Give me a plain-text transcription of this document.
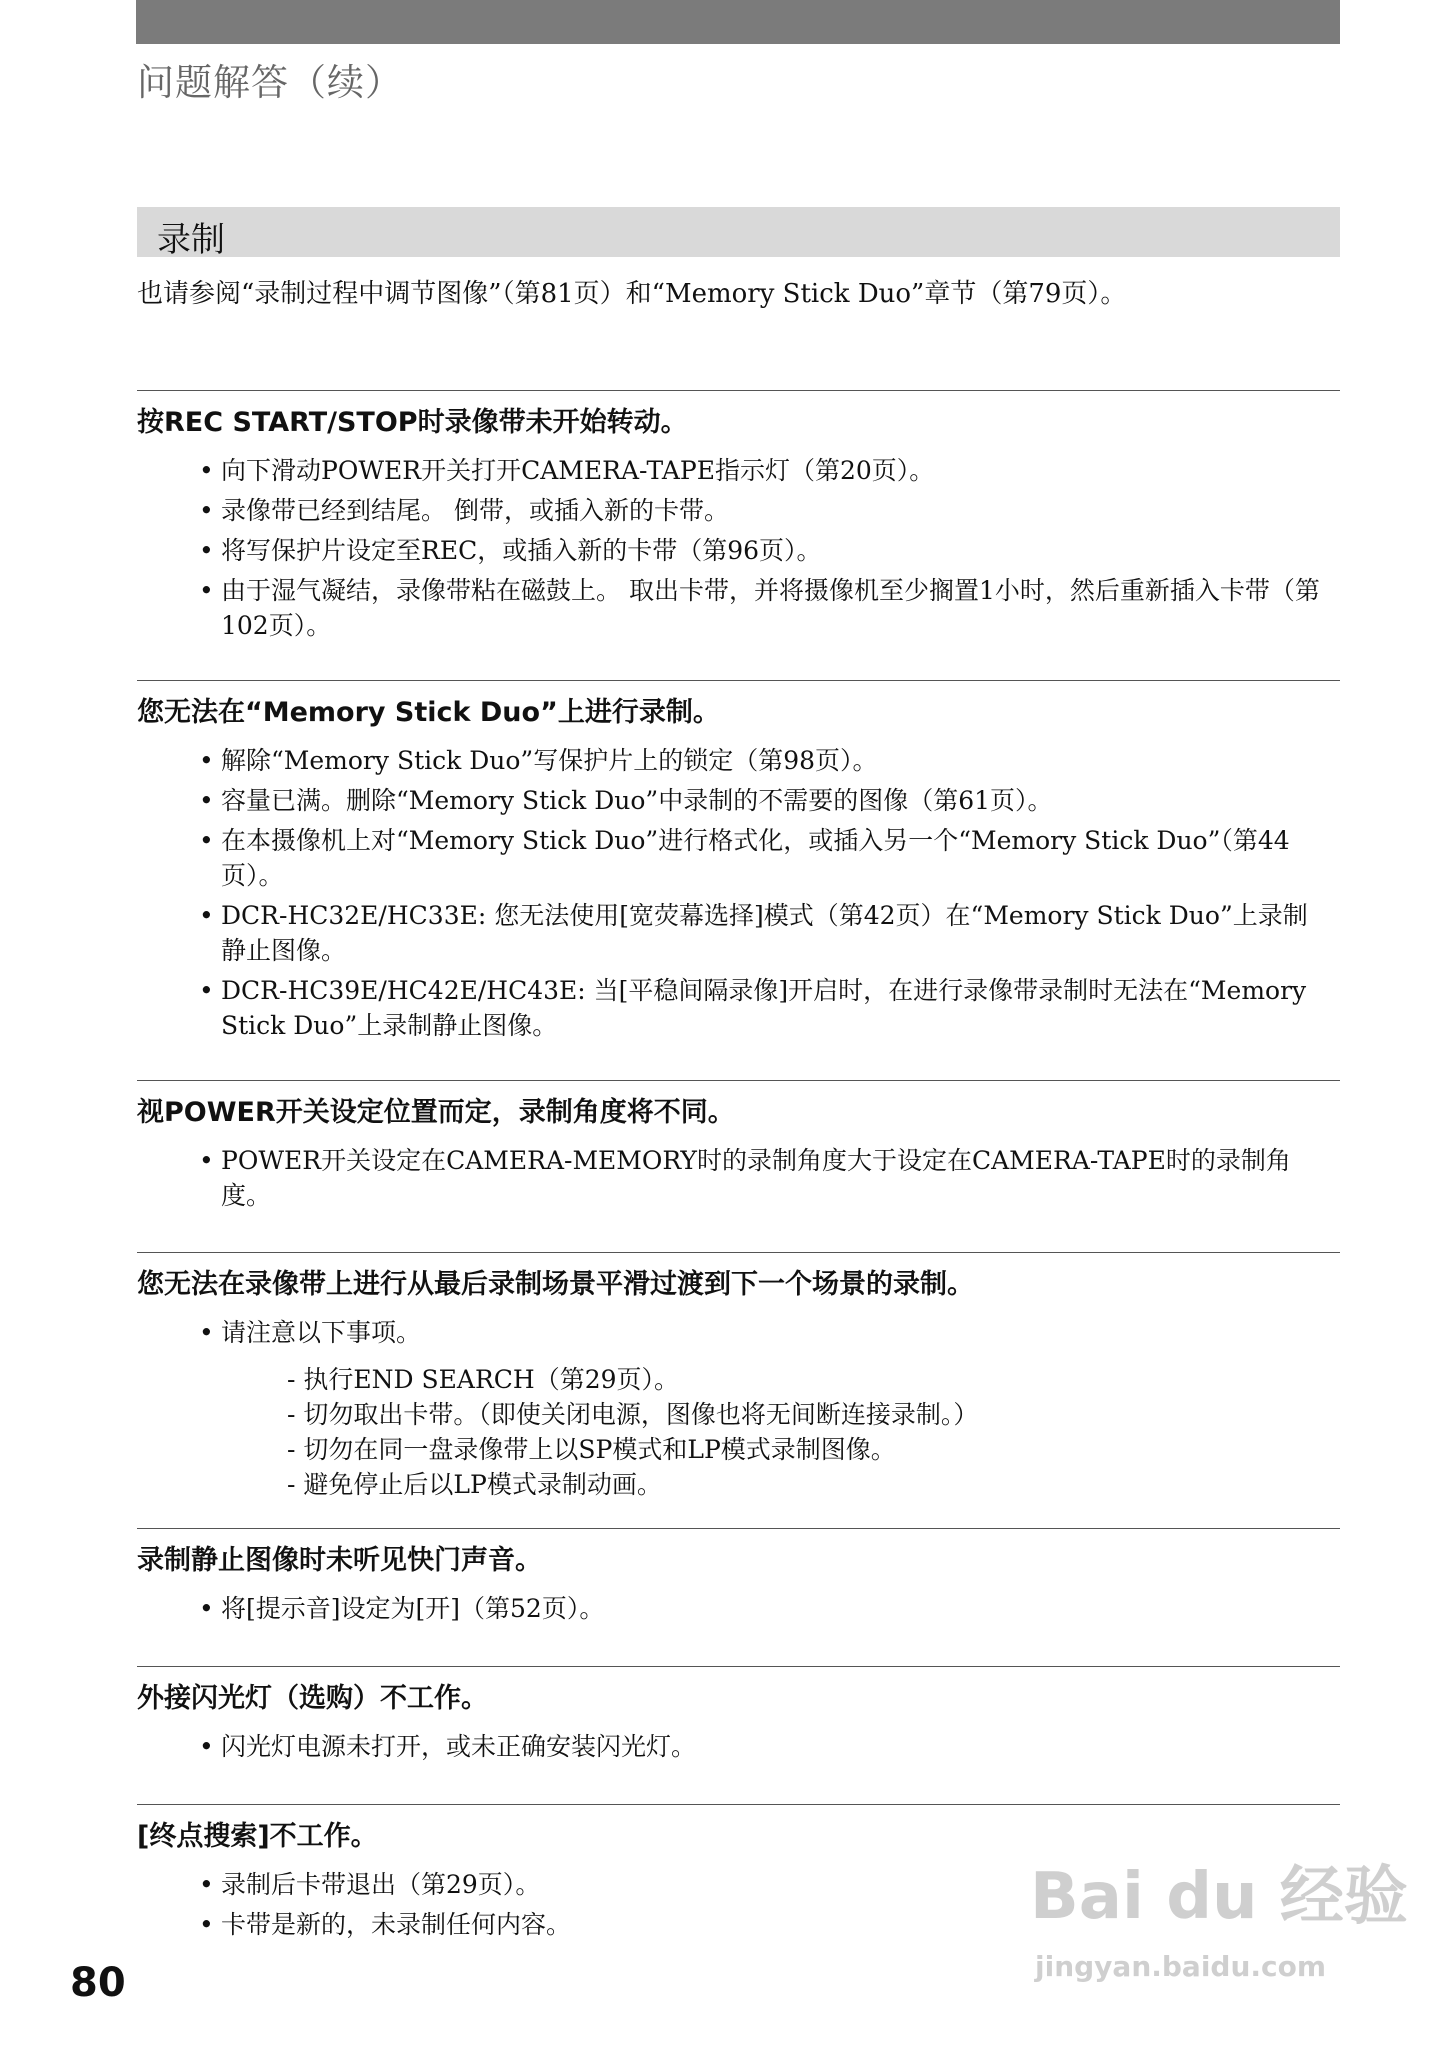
问题解答（续）
录制
也请参阅“录制过程中调节图像”（第81页）和“Memory Stick Duo”章节（第79页）。
按REC START/STOP时录像带未开始转动。
• 向下滑动POWER开关打开CAMERA-TAPE指示灯（第20页）。
• 录像带已经到结尾。 倒带，或插入新的卡带。
• 将写保护片设定至REC，或插入新的卡带（第96页）。
• 由于湿气凝结，录像带粘在磁鼓上。 取出卡带，并将摄像机至少搁置1小时，然后重新插入卡带（第102页）。
您无法在“Memory Stick Duo”上进行录制。
• 解除“Memory Stick Duo”写保护片上的锁定（第98页）。
• 容量已满。删除“Memory Stick Duo”中录制的不需要的图像（第61页）。
• 在本摄像机上对“Memory Stick Duo”进行格式化，或插入另一个“Memory Stick Duo”（第44页）。
• DCR-HC32E/HC33E: 您无法使用[宽荧幕选择]模式（第42页）在“Memory Stick Duo”上录制静止图像。
• DCR-HC39E/HC42E/HC43E: 当[平稳间隔录像]开启时，在进行录像带录制时无法在“Memory Stick Duo”上录制静止图像。
视POWER开关设定位置而定，录制角度将不同。
• POWER开关设定在CAMERA-MEMORY时的录制角度大于设定在CAMERA-TAPE时的录制角度。
您无法在录像带上进行从最后录制场景平滑过渡到下一个场景的录制。
• 请注意以下事项。
- 执行END SEARCH（第29页）。
- 切勿取出卡带。（即使关闭电源，图像也将无间断连接录制。）
- 切勿在同一盘录像带上以SP模式和LP模式录制图像。
- 避免停止后以LP模式录制动画。
录制静止图像时未听见快门声音。
• 将[提示音]设定为[开]（第52页）。
外接闪光灯（选购）不工作。
• 闪光灯电源未打开，或未正确安装闪光灯。
[终点搜索]不工作。
• 录制后卡带退出（第29页）。
• 卡带是新的，未录制任何内容。
80
Bai du 经验
jingyan.baidu.com
